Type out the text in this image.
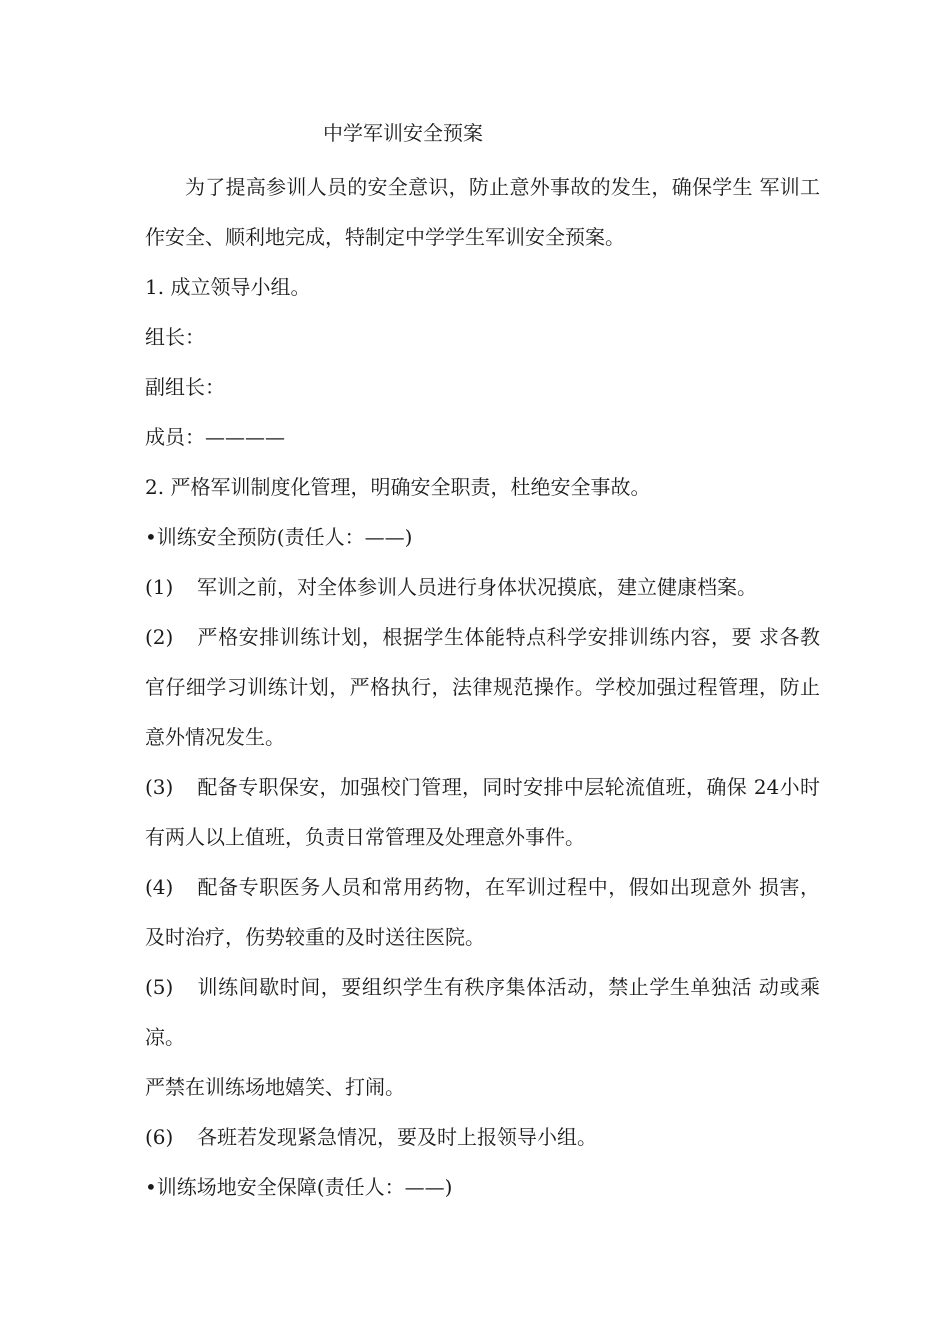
中学军训安全预案

为了提高参训人员的安全意识，防止意外事故的发生，确保学生 军训工作安全、顺利地完成，特制定中学学生军训安全预案。

1. 成立领导小组。

组长：

副组长：

成员：————

2. 严格军训制度化管理，明确安全职责，杜绝安全事故。

•训练安全预防(责任人：——)

(1) 军训之前，对全体参训人员进行身体状况摸底，建立健康档案。

(2) 严格安排训练计划，根据学生体能特点科学安排训练内容，要 求各教官仔细学习训练计划，严格执行，法律规范操作。学校加强过程管理，防止意外情况发生。

(3) 配备专职保安，加强校门管理，同时安排中层轮流值班，确保 24小时有两人以上值班，负责日常管理及处理意外事件。

(4) 配备专职医务人员和常用药物，在军训过程中，假如出现意外 损害，及时治疗，伤势较重的及时送往医院。

(5) 训练间歇时间，要组织学生有秩序集体活动，禁止学生单独活 动或乘凉。

严禁在训练场地嬉笑、打闹。

(6) 各班若发现紧急情况，要及时上报领导小组。

•训练场地安全保障(责任人：——)
